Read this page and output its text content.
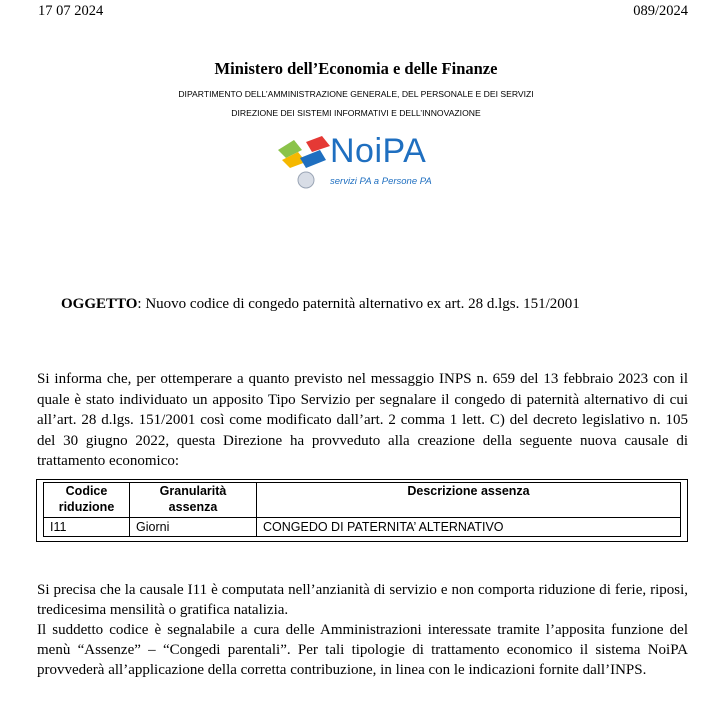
17 07 2024	089/2024
Ministero dell’Economia e delle Finanze
DIPARTIMENTO DELL’AMMINISTRAZIONE GENERALE, DEL PERSONALE E DEI SERVIZI
DIREZIONE DEI SISTEMI INFORMATIVI E DELL’INNOVAZIONE
NoiPA
servizi PA a Persone PA
OGGETTO: Nuovo codice di congedo paternità alternativo ex art. 28 d.lgs. 151/2001
Si informa che, per ottemperare a quanto previsto nel messaggio INPS n. 659 del 13 febbraio 2023 con il quale è stato individuato un apposito Tipo Servizio per segnalare il congedo di paternità alternativo di cui all’art. 28 d.lgs. 151/2001 così come modificato dall’art. 2 comma 1 lett. C) del decreto legislativo n. 105 del 30 giugno 2022, questa Direzione ha provveduto alla creazione della seguente nuova causale di trattamento economico:
Codice riduzione	Granularità assenza	Descrizione assenza
I11	Giorni	CONGEDO DI PATERNITA’ ALTERNATIVO
Si precisa che la causale I11 è computata nell’anzianità di servizio e non comporta riduzione di ferie, riposi, tredicesima mensilità o gratifica natalizia.
Il suddetto codice è segnalabile a cura delle Amministrazioni interessate tramite l’apposita funzione del menù “Assenze” – “Congedi parentali”. Per tali tipologie di trattamento economico il sistema NoiPA provvederà all’applicazione della corretta contribuzione, in linea con le indicazioni fornite dall’INPS.
